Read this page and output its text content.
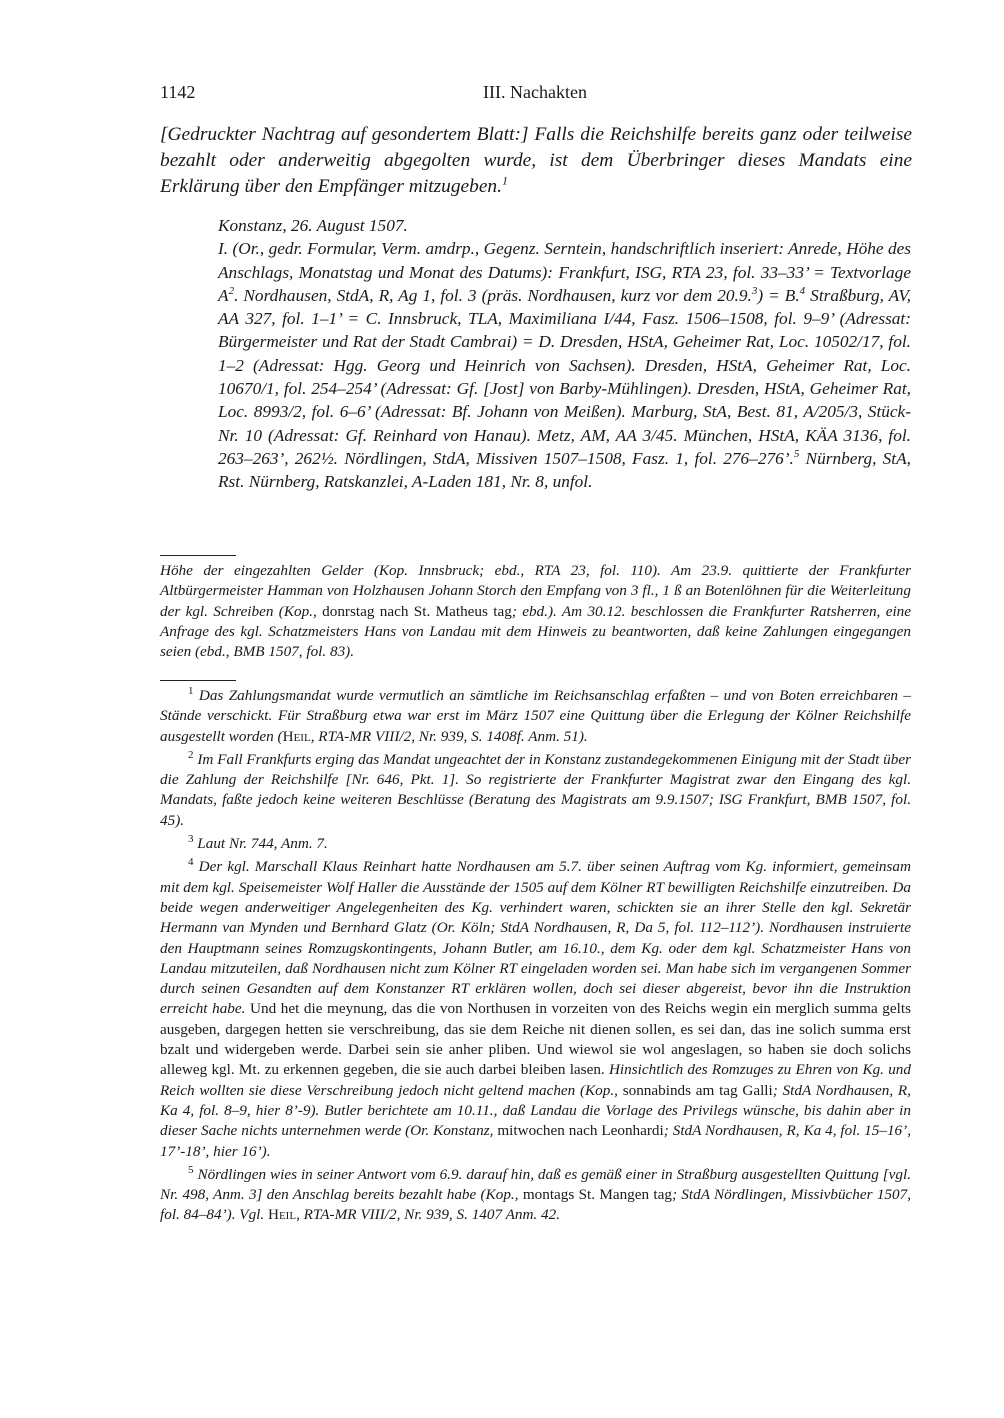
1142	III. Nachakten
[Gedruckter Nachtrag auf gesondertem Blatt:] Falls die Reichshilfe bereits ganz oder teilweise bezahlt oder anderweitig abgegolten wurde, ist dem Überbringer dieses Mandats eine Erklärung über den Empfänger mitzugeben.$^1$

Konstanz, 26. August 1507.

I. (Or., gedr. Formular, Verm. amdrp., Gegenz. Serntein, handschriftlich inseriert: Anrede, Höhe des Anschlags, Monatstag und Monat des Datums): Frankfurt, ISG, RTA 23, fol. 33–33’ = Textvorlage $A^2$. Nordhausen, StdA, R, Ag 1, fol. 3 (präs. Nordhausen, kurz vor dem 20.9.$^3$) = B.$^4$ Straßburg, AV, AA 327, fol. 1–1’ = C. Innsbruck, TLA, Maximiliana I/44, Fasz. 1506–1508, fol. 9–9’ (Adressat: Bürgermeister und Rat der Stadt Cambrai) = D. Dresden, HStA, Geheimer Rat, Loc. 10502/17, fol. 1–2 (Adressat: Hgg. Georg und Heinrich von Sachsen). Dresden, HStA, Geheimer Rat, Loc. 10670/1, fol. 254–254’ (Adressat: Gf. [Jost] von Barby-Mühlingen). Dresden, HStA, Geheimer Rat, Loc. 8993/2, fol. 6–6’ (Adressat: Bf. Johann von Meißen). Marburg, StA, Best. 81, A/205/3, Stück-Nr. 10 (Adressat: Gf. Reinhard von Hanau). Metz, AM, AA 3/45. München, HStA, KÄA 3136, fol. 263–263’, 262½. Nördlingen, StdA, Missiven 1507–1508, Fasz. 1, fol. 276–276’.$^5$ Nürnberg, StA, Rst. Nürnberg, Ratskanzlei, A-Laden 181, Nr. 8, unfol.

Höhe der eingezahlten Gelder (Kop. Innsbruck; ebd., RTA 23, fol. 110). Am 23.9. quittierte der Frankfurter Altbürgermeister Hamman von Holzhausen Johann Storch den Empfang von 3 fl., 1 ß an Botenlöhnen für die Weiterleitung der kgl. Schreiben (Kop., donrstag nach St. Matheus tag; ebd.). Am 30.12. beschlossen die Frankfurter Ratsherren, eine Anfrage des kgl. Schatzmeisters Hans von Landau mit dem Hinweis zu beantworten, daß keine Zahlungen eingegangen seien (ebd., BMB 1507, fol. 83).

$^1$ Das Zahlungsmandat wurde vermutlich an sämtliche im Reichsanschlag erfaßten – und von Boten erreichbaren – Stände verschickt. Für Straßburg etwa war erst im März 1507 eine Quittung über die Erlegung der Kölner Reichshilfe ausgestellt worden (Heil, RTA-MR VIII/2, Nr. 939, S. 1408f. Anm. 51).

$^2$ Im Fall Frankfurts erging das Mandat ungeachtet der in Konstanz zustandegekommenen Einigung mit der Stadt über die Zahlung der Reichshilfe [Nr. 646, Pkt. 1]. So registrierte der Frankfurter Magistrat zwar den Eingang des kgl. Mandats, faßte jedoch keine weiteren Beschlüsse (Beratung des Magistrats am 9.9.1507; ISG Frankfurt, BMB 1507, fol. 45).

$^3$ Laut Nr. 744, Anm. 7.

$^4$ Der kgl. Marschall Klaus Reinhart hatte Nordhausen am 5.7. über seinen Auftrag vom Kg. informiert, gemeinsam mit dem kgl. Speisemeister Wolf Haller die Ausstände der 1505 auf dem Kölner RT bewilligten Reichshilfe einzutreiben. Da beide wegen anderweitiger Angelegenheiten des Kg. verhindert waren, schickten sie an ihrer Stelle den kgl. Sekretär Hermann van Mynden und Bernhard Glatz (Or. Köln; StdA Nordhausen, R, Da 5, fol. 112–112’). Nordhausen instruierte den Hauptmann seines Romzugskontingents, Johann Butler, am 16.10., dem Kg. oder dem kgl. Schatzmeister Hans von Landau mitzuteilen, daß Nordhausen nicht zum Kölner RT eingeladen worden sei. Man habe sich im vergangenen Sommer durch seinen Gesandten auf dem Konstanzer RT erklären wollen, doch sei dieser abgereist, bevor ihn die Instruktion erreicht habe. Und het die meynung, das die von Northusen in vorzeiten von des Reichs wegin ein merglich summa gelts ausgeben, dargegen hetten sie verschreibung, das sie dem Reiche nit dienen sollen, es sei dan, das ine solich summa erst bzalt und widergeben werde. Darbei sein sie anher pliben. Und wiewol sie wol angeslagen, so haben sie doch solichs alleweg kgl. Mt. zu erkennen gegeben, die sie auch darbei bleiben lasen. Hinsichtlich des Romzuges zu Ehren von Kg. und Reich wollten sie diese Verschreibung jedoch nicht geltend machen (Kop., sonnabinds am tag Galli; StdA Nordhausen, R, Ka 4, fol. 8–9, hier 8’-9). Butler berichtete am 10.11., daß Landau die Vorlage des Privilegs wünsche, bis dahin aber in dieser Sache nichts unternehmen werde (Or. Konstanz, mitwochen nach Leonhardi; StdA Nordhausen, R, Ka 4, fol. 15–16’, 17’-18’, hier 16’).

$^5$ Nördlingen wies in seiner Antwort vom 6.9. darauf hin, daß es gemäß einer in Straßburg ausgestellten Quittung [vgl. Nr. 498, Anm. 3] den Anschlag bereits bezahlt habe (Kop., montags St. Mangen tag; StdA Nördlingen, Missivbücher 1507, fol. 84–84’). Vgl. Heil, RTA-MR VIII/2, Nr. 939, S. 1407 Anm. 42.
